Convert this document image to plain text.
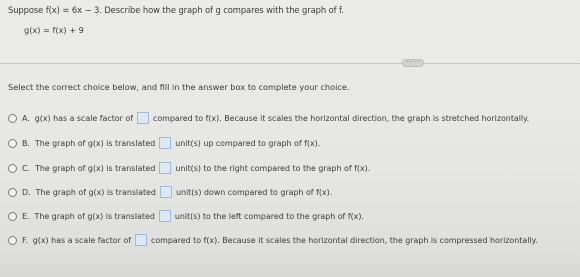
Suppose f(x) = 6x − 3. Describe how the graph of g compares with the graph of f.
g(x) = f(x) + 9
·····
Select the correct choice below, and fill in the answer box to complete your choice.
A. g(x) has a scale factor of	compared to f(x). Because it scales the horizontal direction, the graph is stretched horizontally.
B. The graph of g(x) is translated	unit(s) up compared to graph of f(x).
C. The graph of g(x) is translated	unit(s) to the right compared to the graph of f(x).
D. The graph of g(x) is translated	unit(s) down compared to graph of f(x).
E. The graph of g(x) is translated	unit(s) to the left compared to the graph of f(x).
F. g(x) has a scale factor of	compared to f(x). Because it scales the horizontal direction, the graph is compressed horizontally.
